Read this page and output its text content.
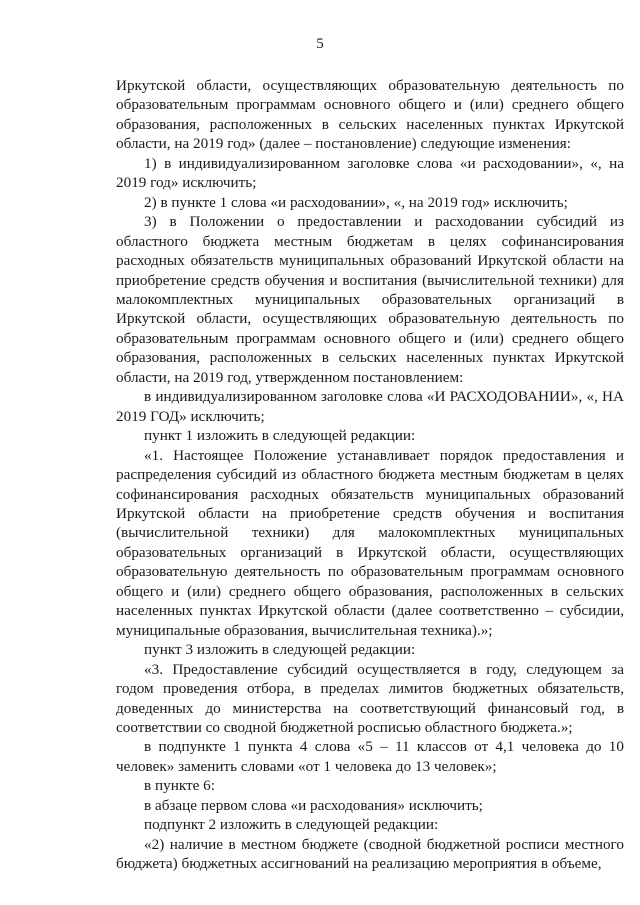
5

Иркутской области, осуществляющих образовательную деятельность по образовательным программам основного общего и (или) среднего общего образования, расположенных в сельских населенных пунктах Иркутской области, на 2019 год» (далее – постановление) следующие изменения:

1) в индивидуализированном заголовке слова «и расходовании», «, на 2019 год» исключить;

2) в пункте 1 слова «и расходовании», «, на 2019 год» исключить;

3) в Положении о предоставлении и расходовании субсидий из областного бюджета местным бюджетам в целях софинансирования расходных обязательств муниципальных образований Иркутской области на приобретение средств обучения и воспитания (вычислительной техники) для малокомплектных муниципальных образовательных организаций в Иркутской области, осуществляющих образовательную деятельность по образовательным программам основного общего и (или) среднего общего образования, расположенных в сельских населенных пунктах Иркутской области, на 2019 год, утвержденном постановлением:

в индивидуализированном заголовке слова «И РАСХОДОВАНИИ», «, НА 2019 ГОД» исключить;

пункт 1 изложить в следующей редакции:

«1. Настоящее Положение устанавливает порядок предоставления и распределения субсидий из областного бюджета местным бюджетам в целях софинансирования расходных обязательств муниципальных образований Иркутской области на приобретение средств обучения и воспитания (вычислительной техники) для малокомплектных муниципальных образовательных организаций в Иркутской области, осуществляющих образовательную деятельность по образовательным программам основного общего и (или) среднего общего образования, расположенных в сельских населенных пунктах Иркутской области (далее соответственно – субсидии, муниципальные образования, вычислительная техника).»;

пункт 3 изложить в следующей редакции:

«3. Предоставление субсидий осуществляется в году, следующем за годом проведения отбора, в пределах лимитов бюджетных обязательств, доведенных до министерства на соответствующий финансовый год, в соответствии со сводной бюджетной росписью областного бюджета.»;

в подпункте 1 пункта 4 слова «5 – 11 классов от 4,1 человека до 10 человек» заменить словами «от 1 человека до 13 человек»;

в пункте 6:

в абзаце первом слова «и расходования» исключить;

подпункт 2 изложить в следующей редакции:

«2) наличие в местном бюджете (сводной бюджетной росписи местного бюджета) бюджетных ассигнований на реализацию мероприятия в объеме,
